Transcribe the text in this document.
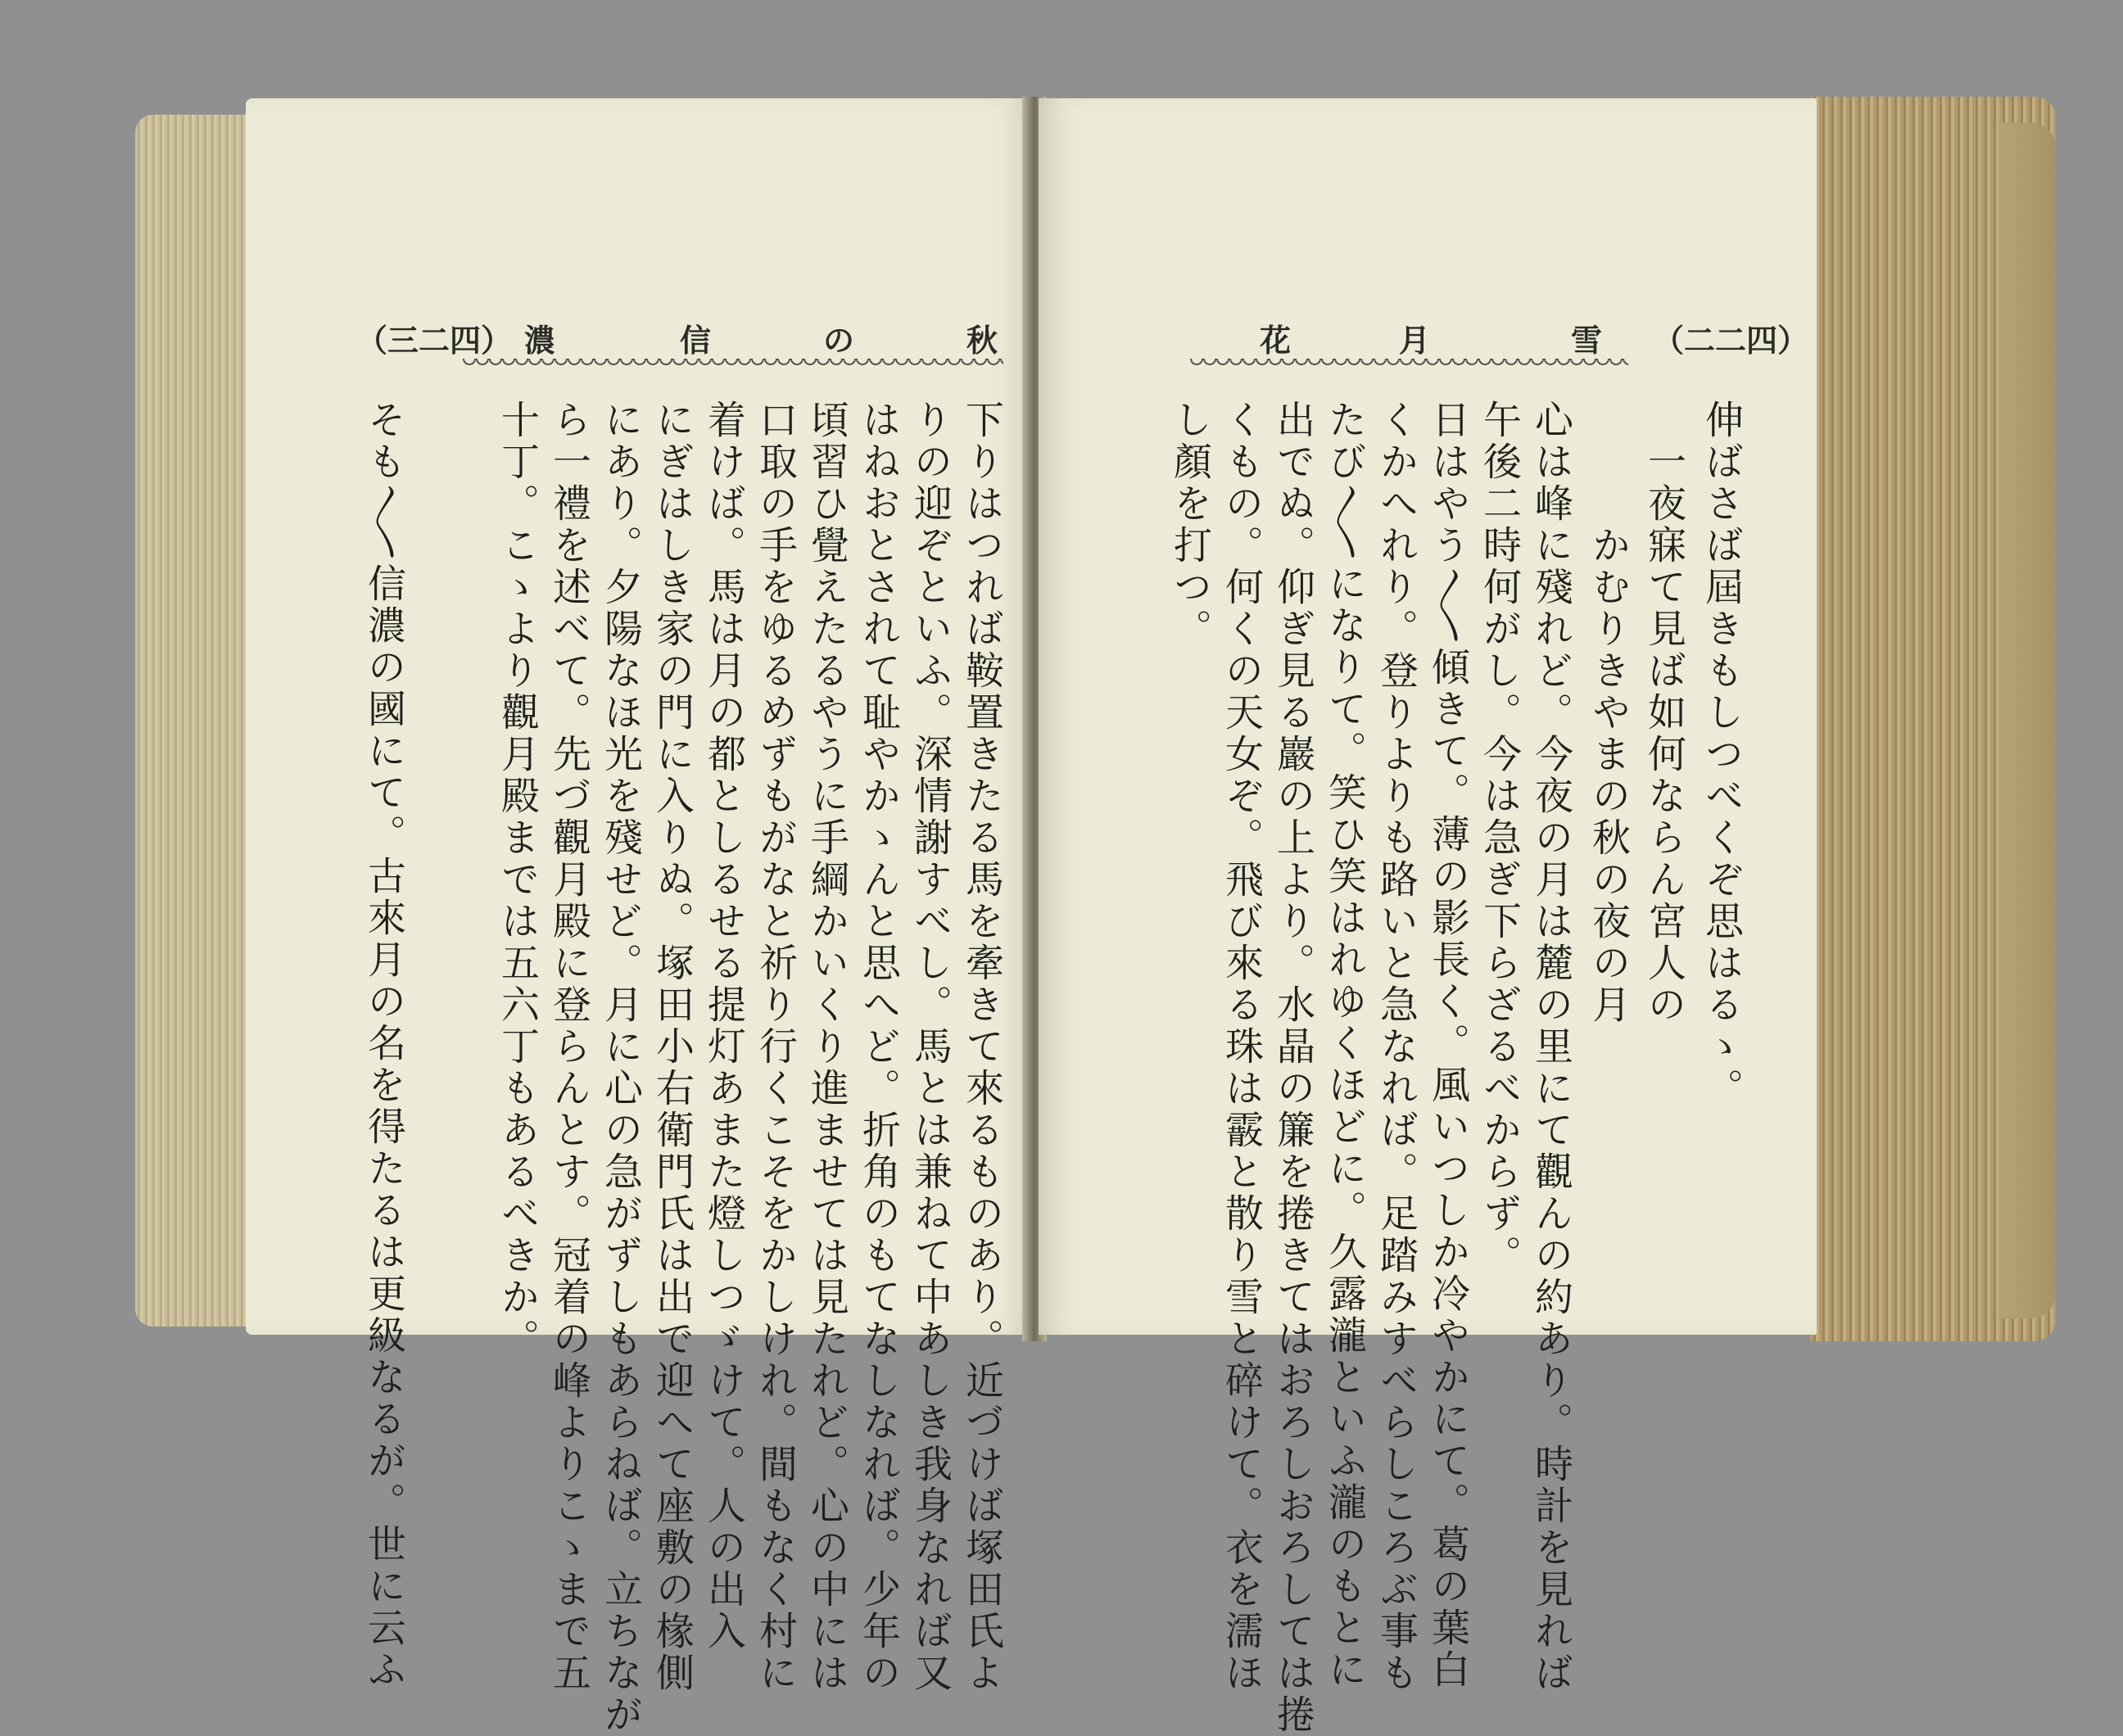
（三二四） 濃	信	の	秋
下りはつれば鞍置きたる馬を牽きて來るものあり。近づけば塚田氏よ
りの迎ぞといふ。深情謝すべし。馬とは兼ねて中あしき我身なれば又
はねおとされて耻やかゝんと思へど。折角のもてなしなれば。少年の
頃習ひ覺えたるやうに手綱かいくり進ませては見たれど。心の中には
口取の手をゆるめずもがなと祈り行くこそをかしけれ。間もなく村に
着けば。馬は月の都としるせる提灯あまた燈しつゞけて。人の出入
にぎはしき家の門に入りぬ。塚田小右衛門氏は出で迎へて座敷の椽側
にあり。夕陽なほ光を殘せど。月に心の急がずしもあらねば。立ちなが
ら一禮を述べて。先づ觀月殿に登らんとす。冠着の峰よりこゝまで五
十丁。こゝより觀月殿までは五六丁もあるべきか。
そも〳〵信濃の國にて。古來月の名を得たるは更級なるが。世に云ふ
花	月	雪 （二二四）
伸ばさば屆きもしつべくぞ思はるゝ。
　一夜寐て見ば如何ならん宮人の
　　　かむりきやまの秋の夜の月
心は峰に殘れど。今夜の月は麓の里にて觀んの約あり。時計を見れば
午後二時何がし。今は急ぎ下らざるべからず。
日はやう〳〵傾きて。薄の影長く。風いつしか冷やかにて。葛の葉白
くかへれり。登りよりも路いと急なれば。足踏みすべらしころぶ事も
たび〳〵になりて。笑ひ笑はれゆくほどに。久露瀧といふ瀧のもとに
出でぬ。仰ぎ見る巖の上より。水晶の簾を捲きてはおろしおろしては捲
くもの。何くの天女ぞ。飛び來る珠は霰と散り雪と碎けて。衣を濡ほ
し顏を打つ。
